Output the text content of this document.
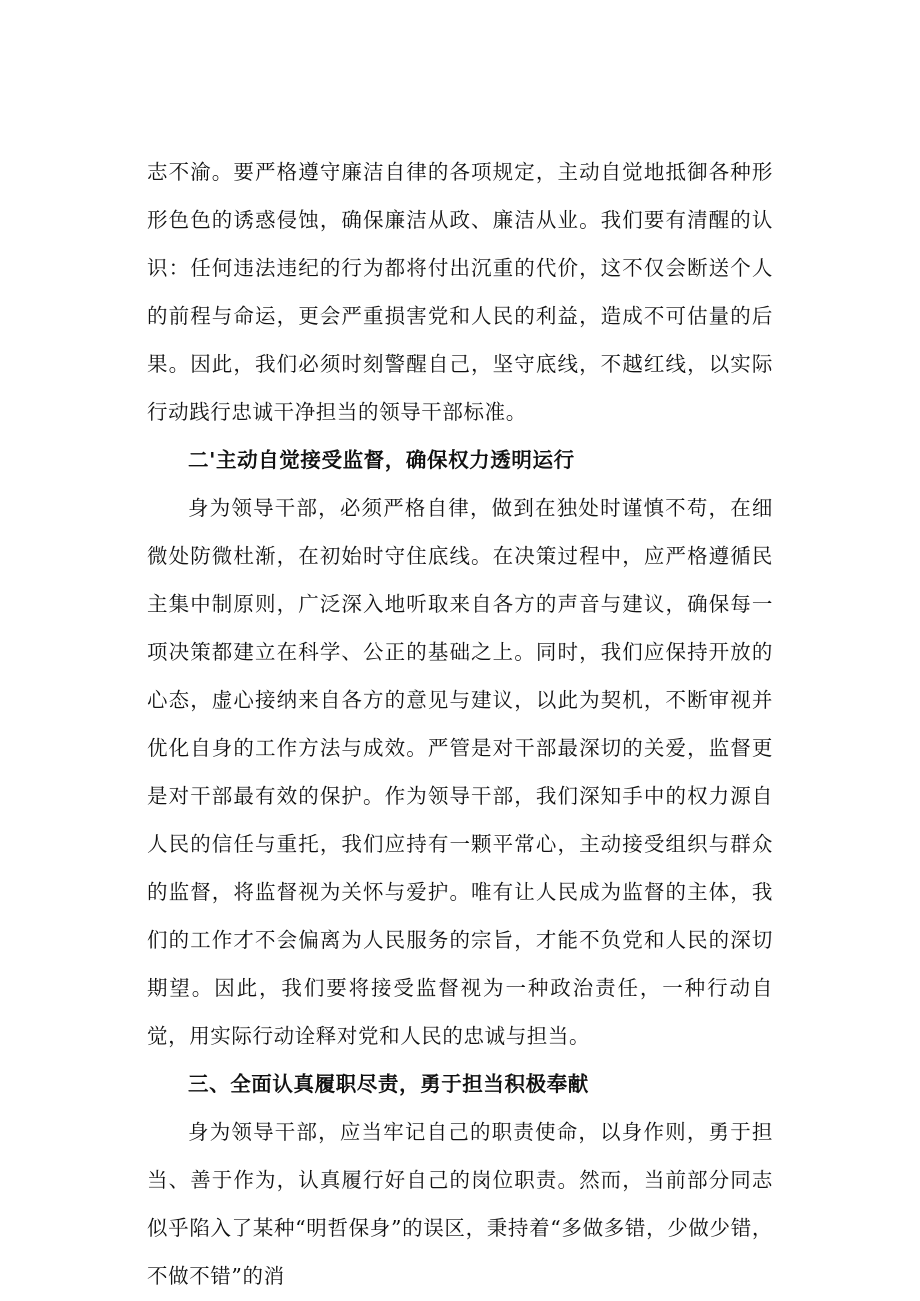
志不渝。要严格遵守廉洁自律的各项规定，主动自觉地抵御各种形形色色的诱惑侵蚀，确保廉洁从政、廉洁从业。我们要有清醒的认识：任何违法违纪的行为都将付出沉重的代价，这不仅会断送个人的前程与命运，更会严重损害党和人民的利益，造成不可估量的后果。因此，我们必须时刻警醒自己，坚守底线，不越红线，以实际行动践行忠诚干净担当的领导干部标准。

二'主动自觉接受监督，确保权力透明运行

身为领导干部，必须严格自律，做到在独处时谨慎不苟，在细微处防微杜渐，在初始时守住底线。在决策过程中，应严格遵循民主集中制原则，广泛深入地听取来自各方的声音与建议，确保每一项决策都建立在科学、公正的基础之上。同时，我们应保持开放的心态，虚心接纳来自各方的意见与建议，以此为契机，不断审视并优化自身的工作方法与成效。严管是对干部最深切的关爱，监督更是对干部最有效的保护。作为领导干部，我们深知手中的权力源自人民的信任与重托，我们应持有一颗平常心，主动接受组织与群众的监督，将监督视为关怀与爱护。唯有让人民成为监督的主体，我们的工作才不会偏离为人民服务的宗旨，才能不负党和人民的深切期望。因此，我们要将接受监督视为一种政治责任，一种行动自觉，用实际行动诠释对党和人民的忠诚与担当。

三、全面认真履职尽责，勇于担当积极奉献

身为领导干部，应当牢记自己的职责使命，以身作则，勇于担当、善于作为，认真履行好自己的岗位职责。然而，当前部分同志似乎陷入了某种“明哲保身”的误区，秉持着“多做多错，少做少错，不做不错”的消
